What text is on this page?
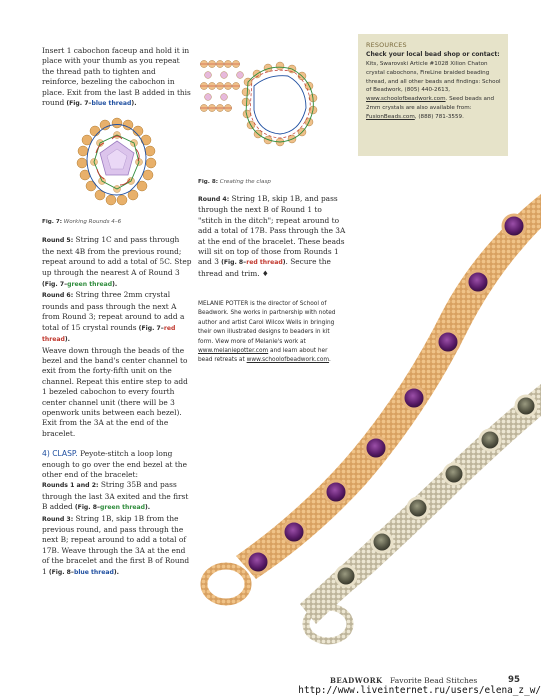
Insert 1 cabochon faceup and hold it in place with your thumb as you repeat the thread path to tighten and reinforce, bezeling the cabochon in place. Exit from the last B added in this round (Fig. 7–blue thread).

Fig. 7: Working Rounds 4–6

Round 5: String 1C and pass through the next 4B from the previous round; repeat around to add a total of 5C. Step up through the nearest A of Round 3 (Fig. 7–green thread).

Round 6: String three 2mm crystal rounds and pass through the next A from Round 3; repeat around to add a total of 15 crystal rounds (Fig. 7–red thread).

Weave down through the beads of the bezel and the band's center channel to exit from the forty-fifth unit on the channel. Repeat this entire step to add 1 bezeled cabochon to every fourth center channel unit (there will be 3 openwork units between each bezel). Exit from the 3A at the end of the bracelet.

4) CLASP. Peyote-stitch a loop long enough to go over the end bezel at the other end of the bracelet:

Rounds 1 and 2: String 35B and pass through the last 3A exited and the first B added (Fig. 8–green thread).

Round 3: String 1B, skip 1B from the previous round, and pass through the next B; repeat around to add a total of 17B. Weave through the 3A at the end of the bracelet and the first B of Round 1 (Fig. 8–blue thread).

Fig. 8: Creating the clasp

Round 4: String 1B, skip 1B, and pass through the next B of Round 1 to "stitch in the ditch"; repeat around to add a total of 17B. Pass through the 3A at the end of the bracelet. These beads will sit on top of those from Rounds 1 and 3 (Fig. 8–red thread). Secure the thread and trim. ♦

MELANIE POTTER is the director of School of Beadwork. She works in partnership with noted author and artist Carol Wilcox Wells in bringing their own illustrated designs to beaders in kit form. View more of Melanie's work at www.melaniepotter.com and learn about her bead retreats at www.schoolofbeadwork.com.

RESOURCES

Check your local bead shop or contact:

Kits, Swarovski Article #1028 Xilion Chaton crystal cabochons, FireLine braided beading thread, and all other beads and findings: School of Beadwork, (805) 440-2613, www.schoolofbeadwork.com. Seed beads and 2mm crystals are also available from: FusionBeads.com, (888) 781-3559.

BEADWORK Favorite Bead Stitches	95
http://www.liveinternet.ru/users/elena_z_w/
